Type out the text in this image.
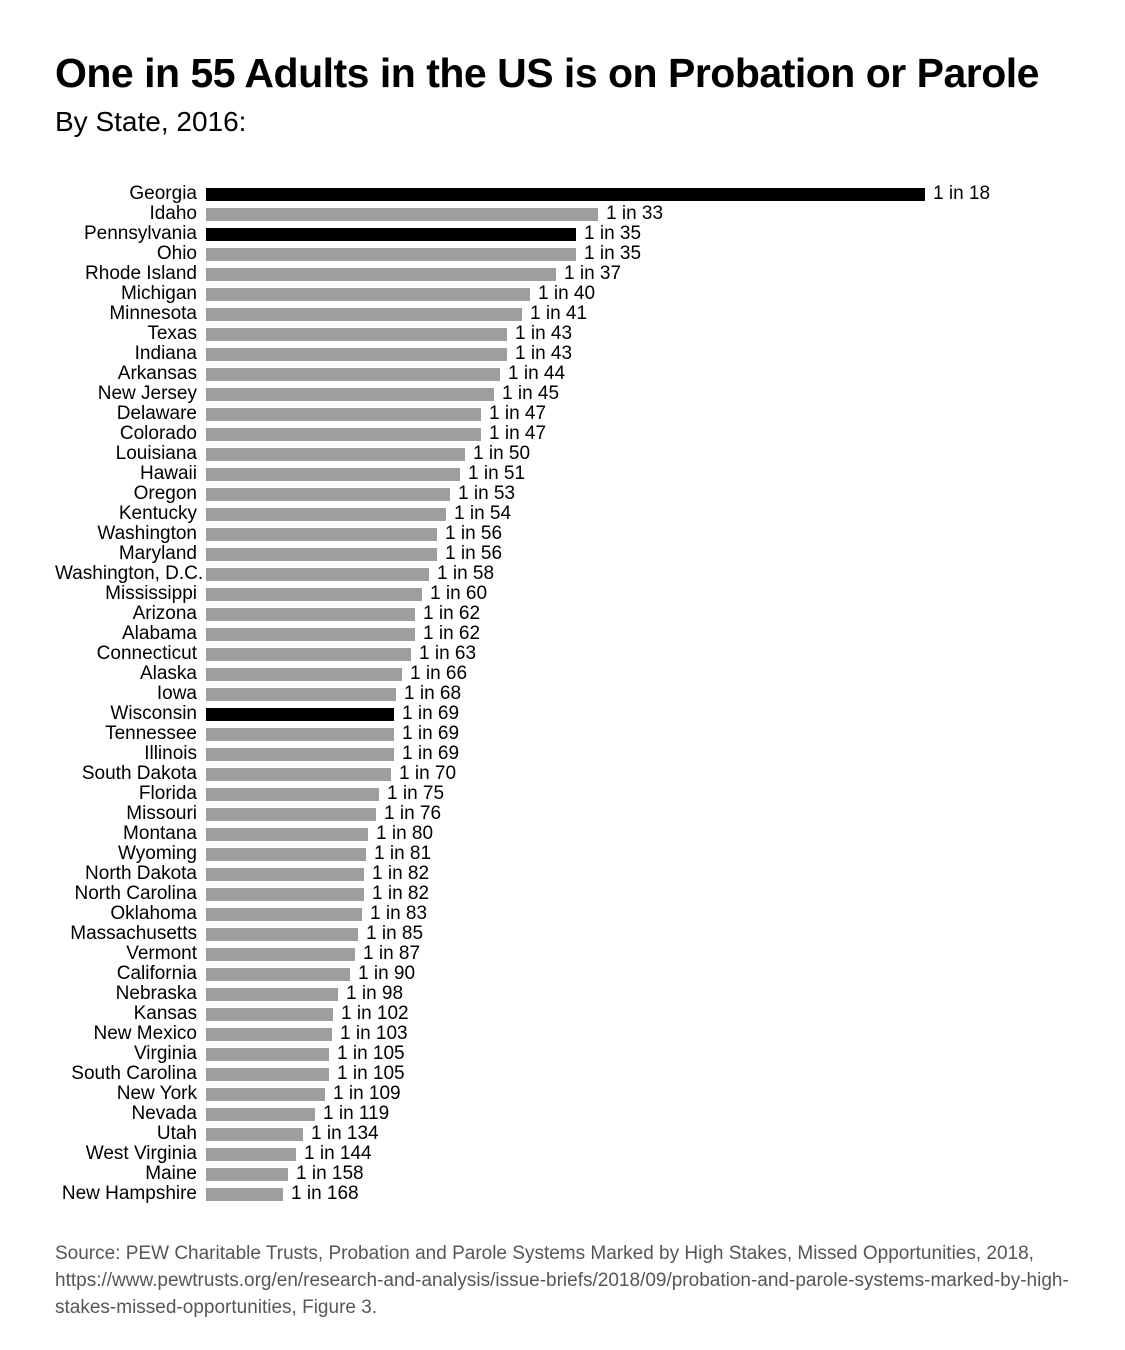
One in 55 Adults in the US is on Probation or Parole
By State, 2016:
Georgia	1 in 18
Idaho	1 in 33
Pennsylvania	1 in 35
Ohio	1 in 35
Rhode Island	1 in 37
Michigan	1 in 40
Minnesota	1 in 41
Texas	1 in 43
Indiana	1 in 43
Arkansas	1 in 44
New Jersey	1 in 45
Delaware	1 in 47
Colorado	1 in 47
Louisiana	1 in 50
Hawaii	1 in 51
Oregon	1 in 53
Kentucky	1 in 54
Washington	1 in 56
Maryland	1 in 56
Washington, D.C.	1 in 58
Mississippi	1 in 60
Arizona	1 in 62
Alabama	1 in 62
Connecticut	1 in 63
Alaska	1 in 66
Iowa	1 in 68
Wisconsin	1 in 69
Tennessee	1 in 69
Illinois	1 in 69
South Dakota	1 in 70
Florida	1 in 75
Missouri	1 in 76
Montana	1 in 80
Wyoming	1 in 81
North Dakota	1 in 82
North Carolina	1 in 82
Oklahoma	1 in 83
Massachusetts	1 in 85
Vermont	1 in 87
California	1 in 90
Nebraska	1 in 98
Kansas	1 in 102
New Mexico	1 in 103
Virginia	1 in 105
South Carolina	1 in 105
New York	1 in 109
Nevada	1 in 119
Utah	1 in 134
West Virginia	1 in 144
Maine	1 in 158
New Hampshire	1 in 168
Source: PEW Charitable Trusts, Probation and Parole Systems Marked by High Stakes, Missed Opportunities, 2018,
https://www.pewtrusts.org/en/research-and-analysis/issue-briefs/2018/09/probation-and-parole-systems-marked-by-high-
stakes-missed-opportunities, Figure 3.
